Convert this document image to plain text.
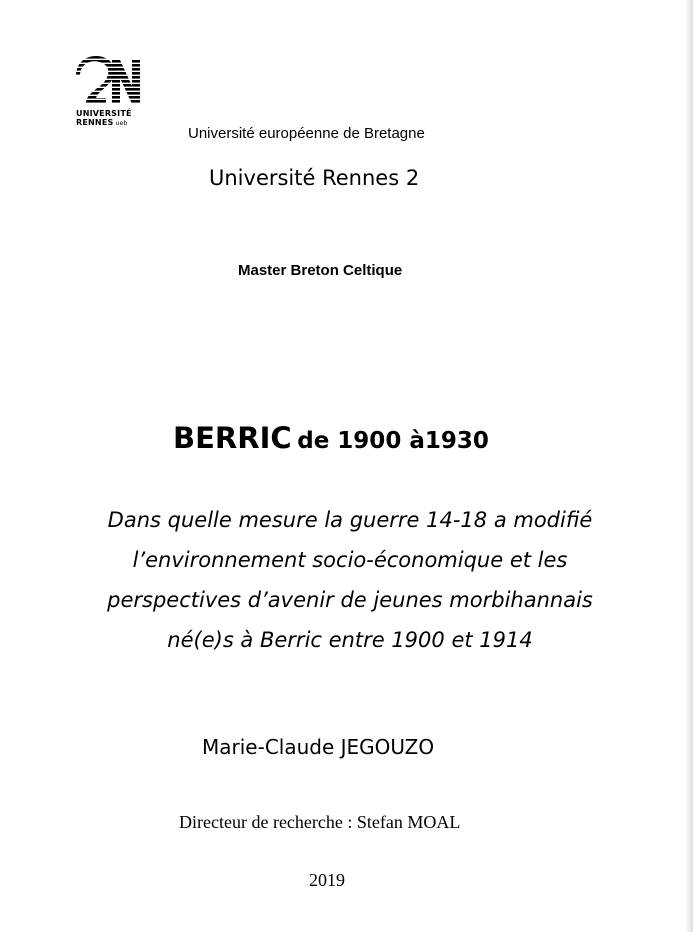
UNIVERSITÉ
RENNES ueb
Université européenne de Bretagne
Université Rennes 2
Master Breton Celtique
BERRIC de 1900 à1930

Dans quelle mesure la guerre 14-18 a modifié
l’environnement socio-économique et les
perspectives d’avenir de jeunes morbihannais
né(e)s à Berric entre 1900 et 1914

Marie-Claude JEGOUZO
Directeur de recherche : Stefan MOAL
2019
